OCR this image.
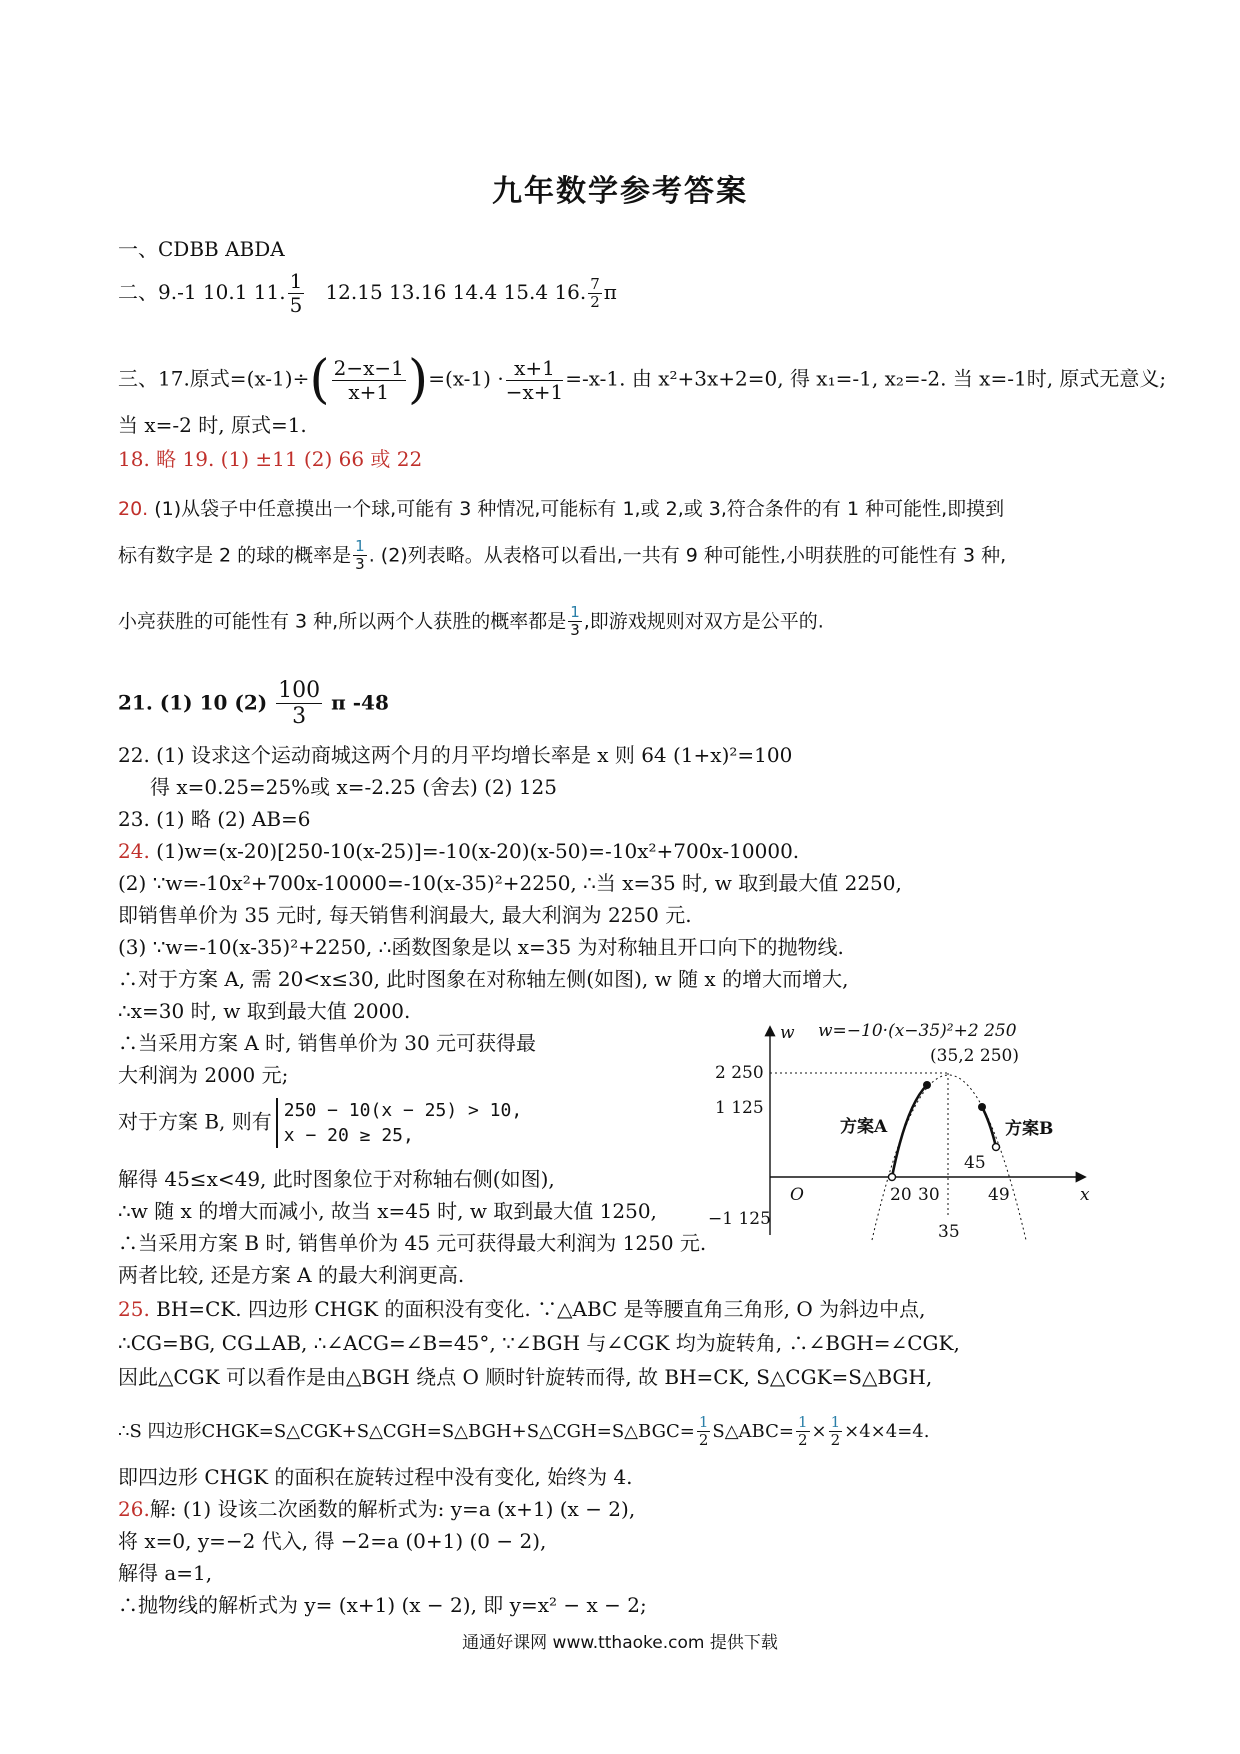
九年数学参考答案
一、CDBB ABDA
二、9.-1 10.1 11. $\frac{1}{5} 12.15$ 13.16 14.4 15.4 16. $\frac{7}{2}$ π
三、17.原式$=(x-1)\div( \frac{2-x-1}{x+1} )=(x-1) \cdot \frac{x+1}{-x+1} =-x-1$. 由 x²+3x+2=0, 得 x₁=-1, x₂=-2. 当 x=-1时, 原式无意义;
当 x=-2 时, 原式=1.
18. 略 19. (1) ±11 (2) 66 或 22
20. (1)从袋子中任意摸出一个球,可能有 3 种情况,可能标有 1,或 2,或 3,符合条件的有 1 种可能性,即摸到
标有数字是 2 的球的概率是 $\frac{1}{3}$ . (2)列表略。从表格可以看出,一共有 9 种可能性,小明获胜的可能性有 3 种,
小亮获胜的可能性有 3 种,所以两个人获胜的概率都是 $\frac{1}{3}$ ,即游戏规则对双方是公平的.
21. (1) 10 $(2) \frac{100}{3}$ π -48
22. (1) 设求这个运动商城这两个月的月平均增长率是 x 则 64 (1+x)²=100
得 x=0.25=25%或 x=-2.25 (舍去) (2) 125
23. (1) 略 (2) AB=6
24. (1)w=(x-20)[250-10(x-25)]=-10(x-20)(x-50)=-10x²+700x-10000.
(2) ∵w=-10x²+700x-10000=-10(x-35)²+2250, ∴当 x=35 时, w 取到最大值 2250,
即销售单价为 35 元时, 每天销售利润最大, 最大利润为 2250 元.
(3) ∵w=-10(x-35)²+2250, ∴函数图象是以 x=35 为对称轴且开口向下的抛物线.
∴对于方案 A, 需 20<x≤30, 此时图象在对称轴左侧(如图), w 随 x 的增大而增大,
∴x=30 时, w 取到最大值 2000.
∴当采用方案 A 时, 销售单价为 30 元可获得最
大利润为 2000 元;
对于方案 B, 则有 250 − 10(x − 25) > 10,
x − 20 ≥ 25,
解得 45≤x<49, 此时图象位于对称轴右侧(如图),
∴w 随 x 的增大而减小, 故当 x=45 时, w 取到最大值 1250,
∴当采用方案 B 时, 销售单价为 45 元可获得最大利润为 1250 元.
两者比较, 还是方案 A 的最大利润更高.
w
x
O
w=−10·(x−35)²+2 250
(35,2 250)
2 250
1 125
−1 125
20 30
45
49
35
方案A	方案B
25. BH=CK. 四边形 CHGK 的面积没有变化. ∵△ABC 是等腰直角三角形, O 为斜边中点,
∴CG=BG, CG⊥AB, ∴∠ACG=∠B=45°, ∵∠BGH 与∠CGK 均为旋转角, ∴∠BGH=∠CGK,
因此△CGK 可以看作是由△BGH 绕点 O 顺时针旋转而得, 故 BH=CK, S△CGK=S△BGH,
∴S 四边形CHGK=S△CGK+S△CGH=S△BGH+S△CGH=S△BGC= $\frac{1}{2}$ S△ABC= $\frac{1}{2} \times \frac{1}{2} \times 4\times 4=4$.
即四边形 CHGK 的面积在旋转过程中没有变化, 始终为 4.
26.解: (1) 设该二次函数的解析式为: y=a (x+1) (x − 2),
将 x=0, y=−2 代入, 得 −2=a (0+1) (0 − 2),
解得 a=1,
∴抛物线的解析式为 y= (x+1) (x − 2), 即 y=x² − x − 2;
通通好课网 www.tthaoke.com 提供下载
